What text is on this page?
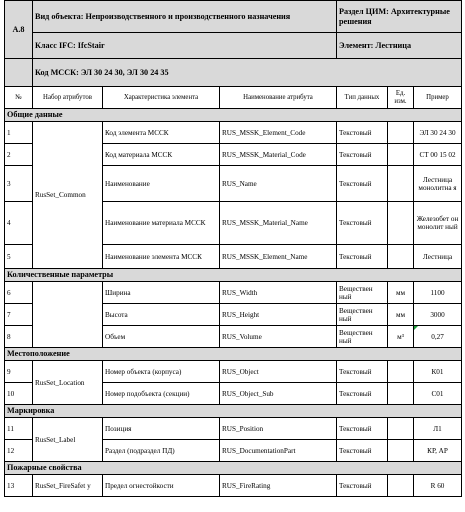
А.8	Вид объекта: Непроизводственного и производственного назначения			Раздел ЦИМ: Архитектурные решения		
	Класс IFC: IfcStair			Элемент: Лестница		
	Код МССК: ЭЛ 30 24 30, ЭЛ 30 24 35					
№	Набор атрибутов	Характеристика элемента	Наименование атрибута	Тип данных	Ед. изм.	Пример
Общие данные						
1	RusSet_Common	Код элемента МССК	RUS_MSSK_Element_Code	Текстовый		ЭЛ 30 24 30
2		Код материала МССК	RUS_MSSK_Material_Code	Текстовый		СТ 00 15 02
3		Наименование	RUS_Name	Текстовый		Лестница монолитна я
4		Наименование материала МССК	RUS_MSSK_Material_Name	Текстовый		Железобет он монолит ный
5		Наименование элемента МССК	RUS_MSSK_Element_Name	Текстовый		Лестница
Количественные параметры						
6		Ширина	RUS_Width	Веществен ный	мм	1100
7		Высота	RUS_Height	Веществен ный	мм	3000
8		Объем	RUS_Volume	Веществен ный	м³	0,27
Местоположение						
9	RusSet_Location	Номер объекта (корпуса)	RUS_Object	Текстовый		К01
10		Номер подобъекта (секции)	RUS_Object_Sub	Текстовый		С01
Маркировка						
11	RusSet_Label	Позиция	RUS_Position	Текстовый		Л1
12		Раздел (подраздел ПД)	RUS_DocumentationPart	Текстовый		КР, АР
Пожарные свойства						
13	RusSet_FireSafet y	Предел огнестойкости	RUS_FireRating	Текстовый		R 60
